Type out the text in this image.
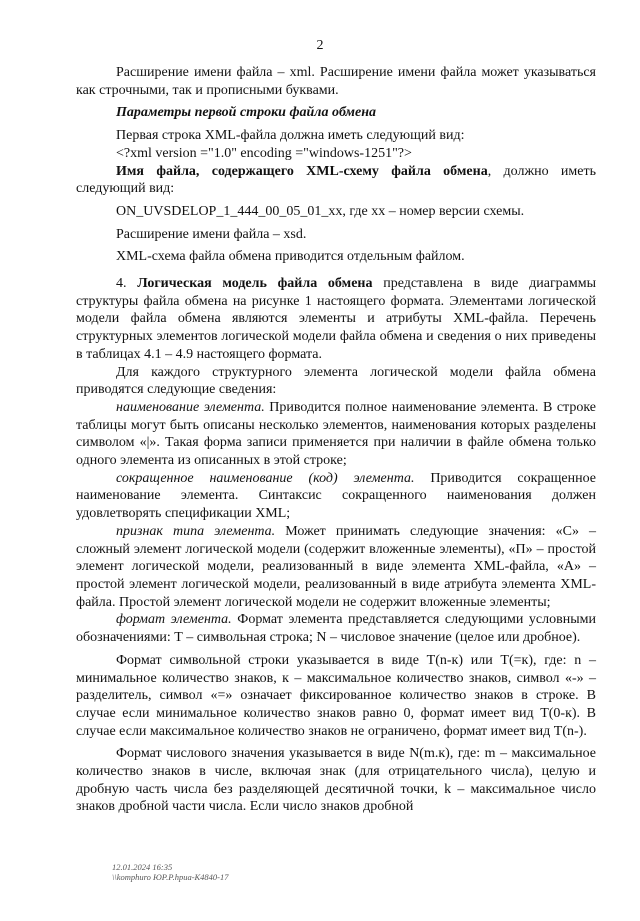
2

Расширение имени файла – xml. Расширение имени файла может указываться как строчными, так и прописными буквами.

Параметры первой строки файла обмена

Первая строка XML-файла должна иметь следующий вид:

<?xml version ="1.0" encoding ="windows-1251"?>

Имя файла, содержащего XML-схему файла обмена, должно иметь следующий вид:

ON_UVSDELOP_1_444_00_05_01_xx, где xx – номер версии схемы.

Расширение имени файла – xsd.

XML-схема файла обмена приводится отдельным файлом.

4. Логическая модель файла обмена представлена в виде диаграммы структуры файла обмена на рисунке 1 настоящего формата. Элементами логической модели файла обмена являются элементы и атрибуты XML-файла. Перечень структурных элементов логической модели файла обмена и сведения о них приведены в таблицах 4.1 – 4.9 настоящего формата.

Для каждого структурного элемента логической модели файла обмена приводятся следующие сведения:

наименование элемента. Приводится полное наименование элемента. В строке таблицы могут быть описаны несколько элементов, наименования которых разделены символом «|». Такая форма записи применяется при наличии в файле обмена только одного элемента из описанных в этой строке;

сокращенное наименование (код) элемента. Приводится сокращенное наименование элемента. Синтаксис сокращенного наименования должен удовлетворять спецификации XML;

признак типа элемента. Может принимать следующие значения: «С» – сложный элемент логической модели (содержит вложенные элементы), «П» – простой элемент логической модели, реализованный в виде элемента XML-файла, «А» – простой элемент логической модели, реализованный в виде атрибута элемента XML-файла. Простой элемент логической модели не содержит вложенные элементы;

формат элемента. Формат элемента представляется следующими условными обозначениями: Т – символьная строка; N – числовое значение (целое или дробное).

Формат символьной строки указывается в виде Т(n-к) или Т(=к), где: n – минимальное количество знаков, к – максимальное количество знаков, символ «-» – разделитель, символ «=» означает фиксированное количество знаков в строке. В случае если минимальное количество знаков равно 0, формат имеет вид Т(0-к). В случае если максимальное количество знаков не ограничено, формат имеет вид Т(n-).

Формат числового значения указывается в виде N(m.к), где: m – максимальное количество знаков в числе, включая знак (для отрицательного числа), целую и дробную часть числа без разделяющей десятичной точки, k – максимальное число знаков дробной части числа. Если число знаков дробной

12.01.2024 16:35
\\komphuro ЮР.Р.hpua-К4840-17
